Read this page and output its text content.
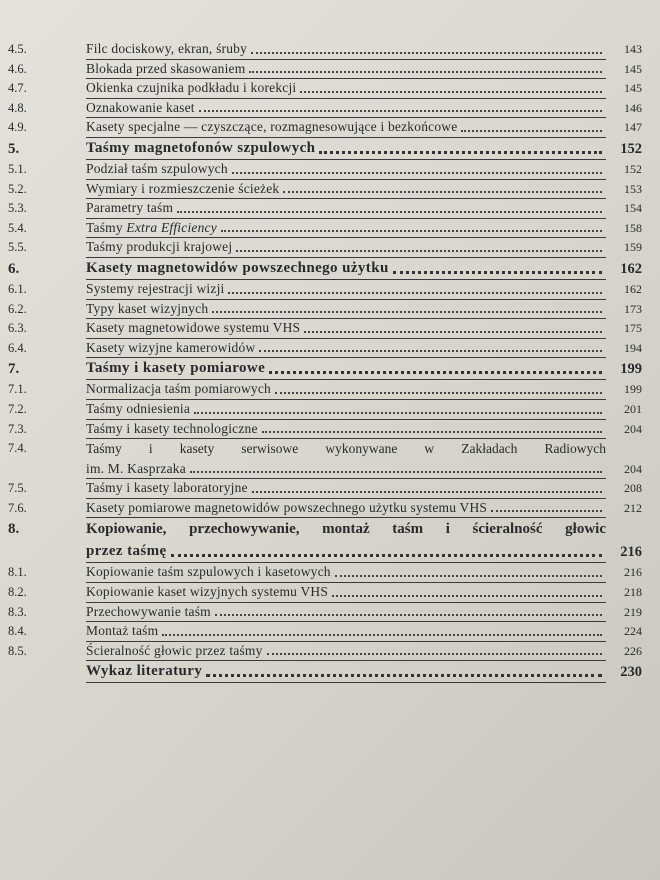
4.5.	Filc dociskowy, ekran, śruby	143
4.6.	Blokada przed skasowaniem	145
4.7.	Okienka czujnika podkładu i korekcji	145
4.8.	Oznakowanie kaset	146
4.9.	Kasety specjalne — czyszczące, rozmagnesowujące i bezkońcowe	147
5.	Taśmy magnetofonów szpulowych	152
5.1.	Podział taśm szpulowych	152
5.2.	Wymiary i rozmieszczenie ścieżek	153
5.3.	Parametry taśm	154
5.4.	Taśmy Extra Efficiency	158
5.5.	Taśmy produkcji krajowej	159
6.	Kasety magnetowidów powszechnego użytku	162
6.1.	Systemy rejestracji wizji	162
6.2.	Typy kaset wizyjnych	173
6.3.	Kasety magnetowidowe systemu VHS	175
6.4.	Kasety wizyjne kamerowidów	194
7.	Taśmy i kasety pomiarowe	199
7.1.	Normalizacja taśm pomiarowych	199
7.2.	Taśmy odniesienia	201
7.3.	Taśmy i kasety technologiczne	204
7.4.	Taśmy i kasety serwisowe wykonywane w Zakładach Radiowych
im. M. Kasprzaka	204
7.5.	Taśmy i kasety laboratoryjne	208
7.6.	Kasety pomiarowe magnetowidów powszechnego użytku systemu VHS	212
8.	Kopiowanie, przechowywanie, montaż taśm i ścieralność głowic
przez taśmę	216
8.1.	Kopiowanie taśm szpulowych i kasetowych	216
8.2.	Kopiowanie kaset wizyjnych systemu VHS	218
8.3.	Przechowywanie taśm	219
8.4.	Montaż taśm	224
8.5.	Ścieralność głowic przez taśmy	226
Wykaz literatury	230
